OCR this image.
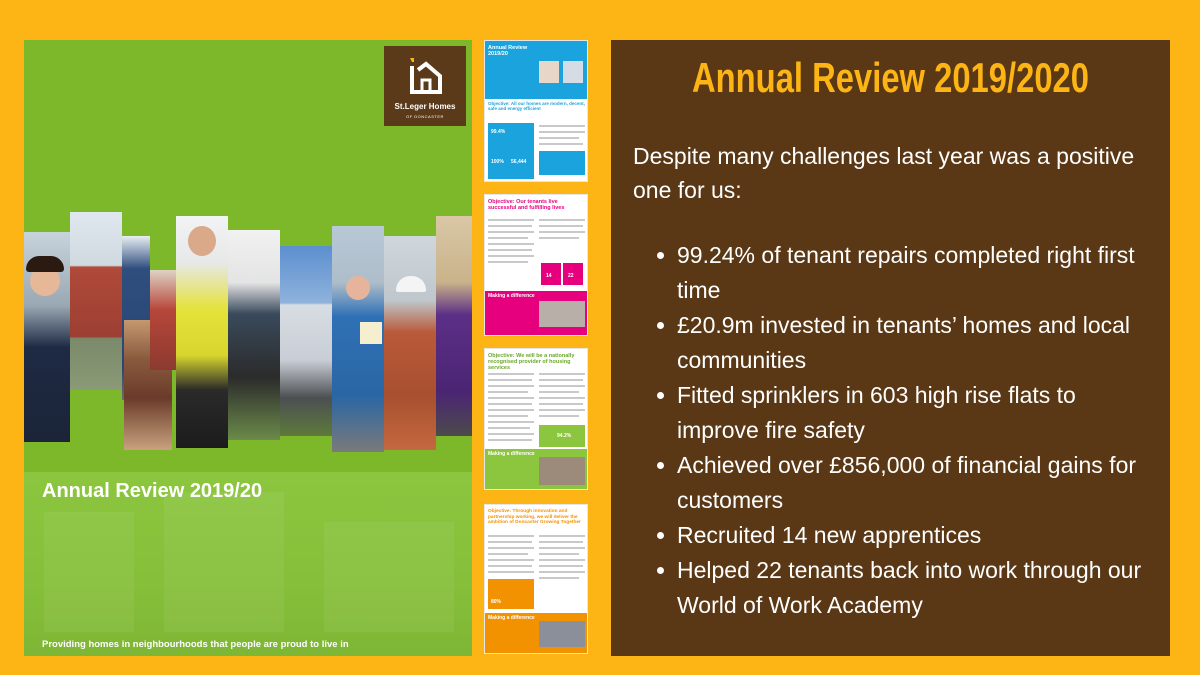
St.Leger Homes
OF DONCASTER
Annual Review 2019/20
Providing homes in neighbourhoods that people are proud to live in
Annual Review 2019/20
Objective: All our homes are modern, decent, safe and energy efficient
99.4%
100% 56,444
Objective: Our tenants live successful and fulfilling lives
14	22
Making a difference
Objective: We will be a nationally recognised provider of housing services
94.2%
Making a difference
Objective: Through innovation and partnership working, we will deliver the ambition of Doncaster Growing Together
80%
Making a difference
Annual Review 2019/2020
Despite many challenges last year was a positive one for us:
99.24% of tenant repairs completed right first time
£20.9m invested in tenants’ homes and local communities
Fitted sprinklers in 603 high rise flats to improve fire safety
Achieved over £856,000 of financial gains for customers
Recruited 14 new apprentices
Helped 22 tenants back into work through our World of Work Academy
